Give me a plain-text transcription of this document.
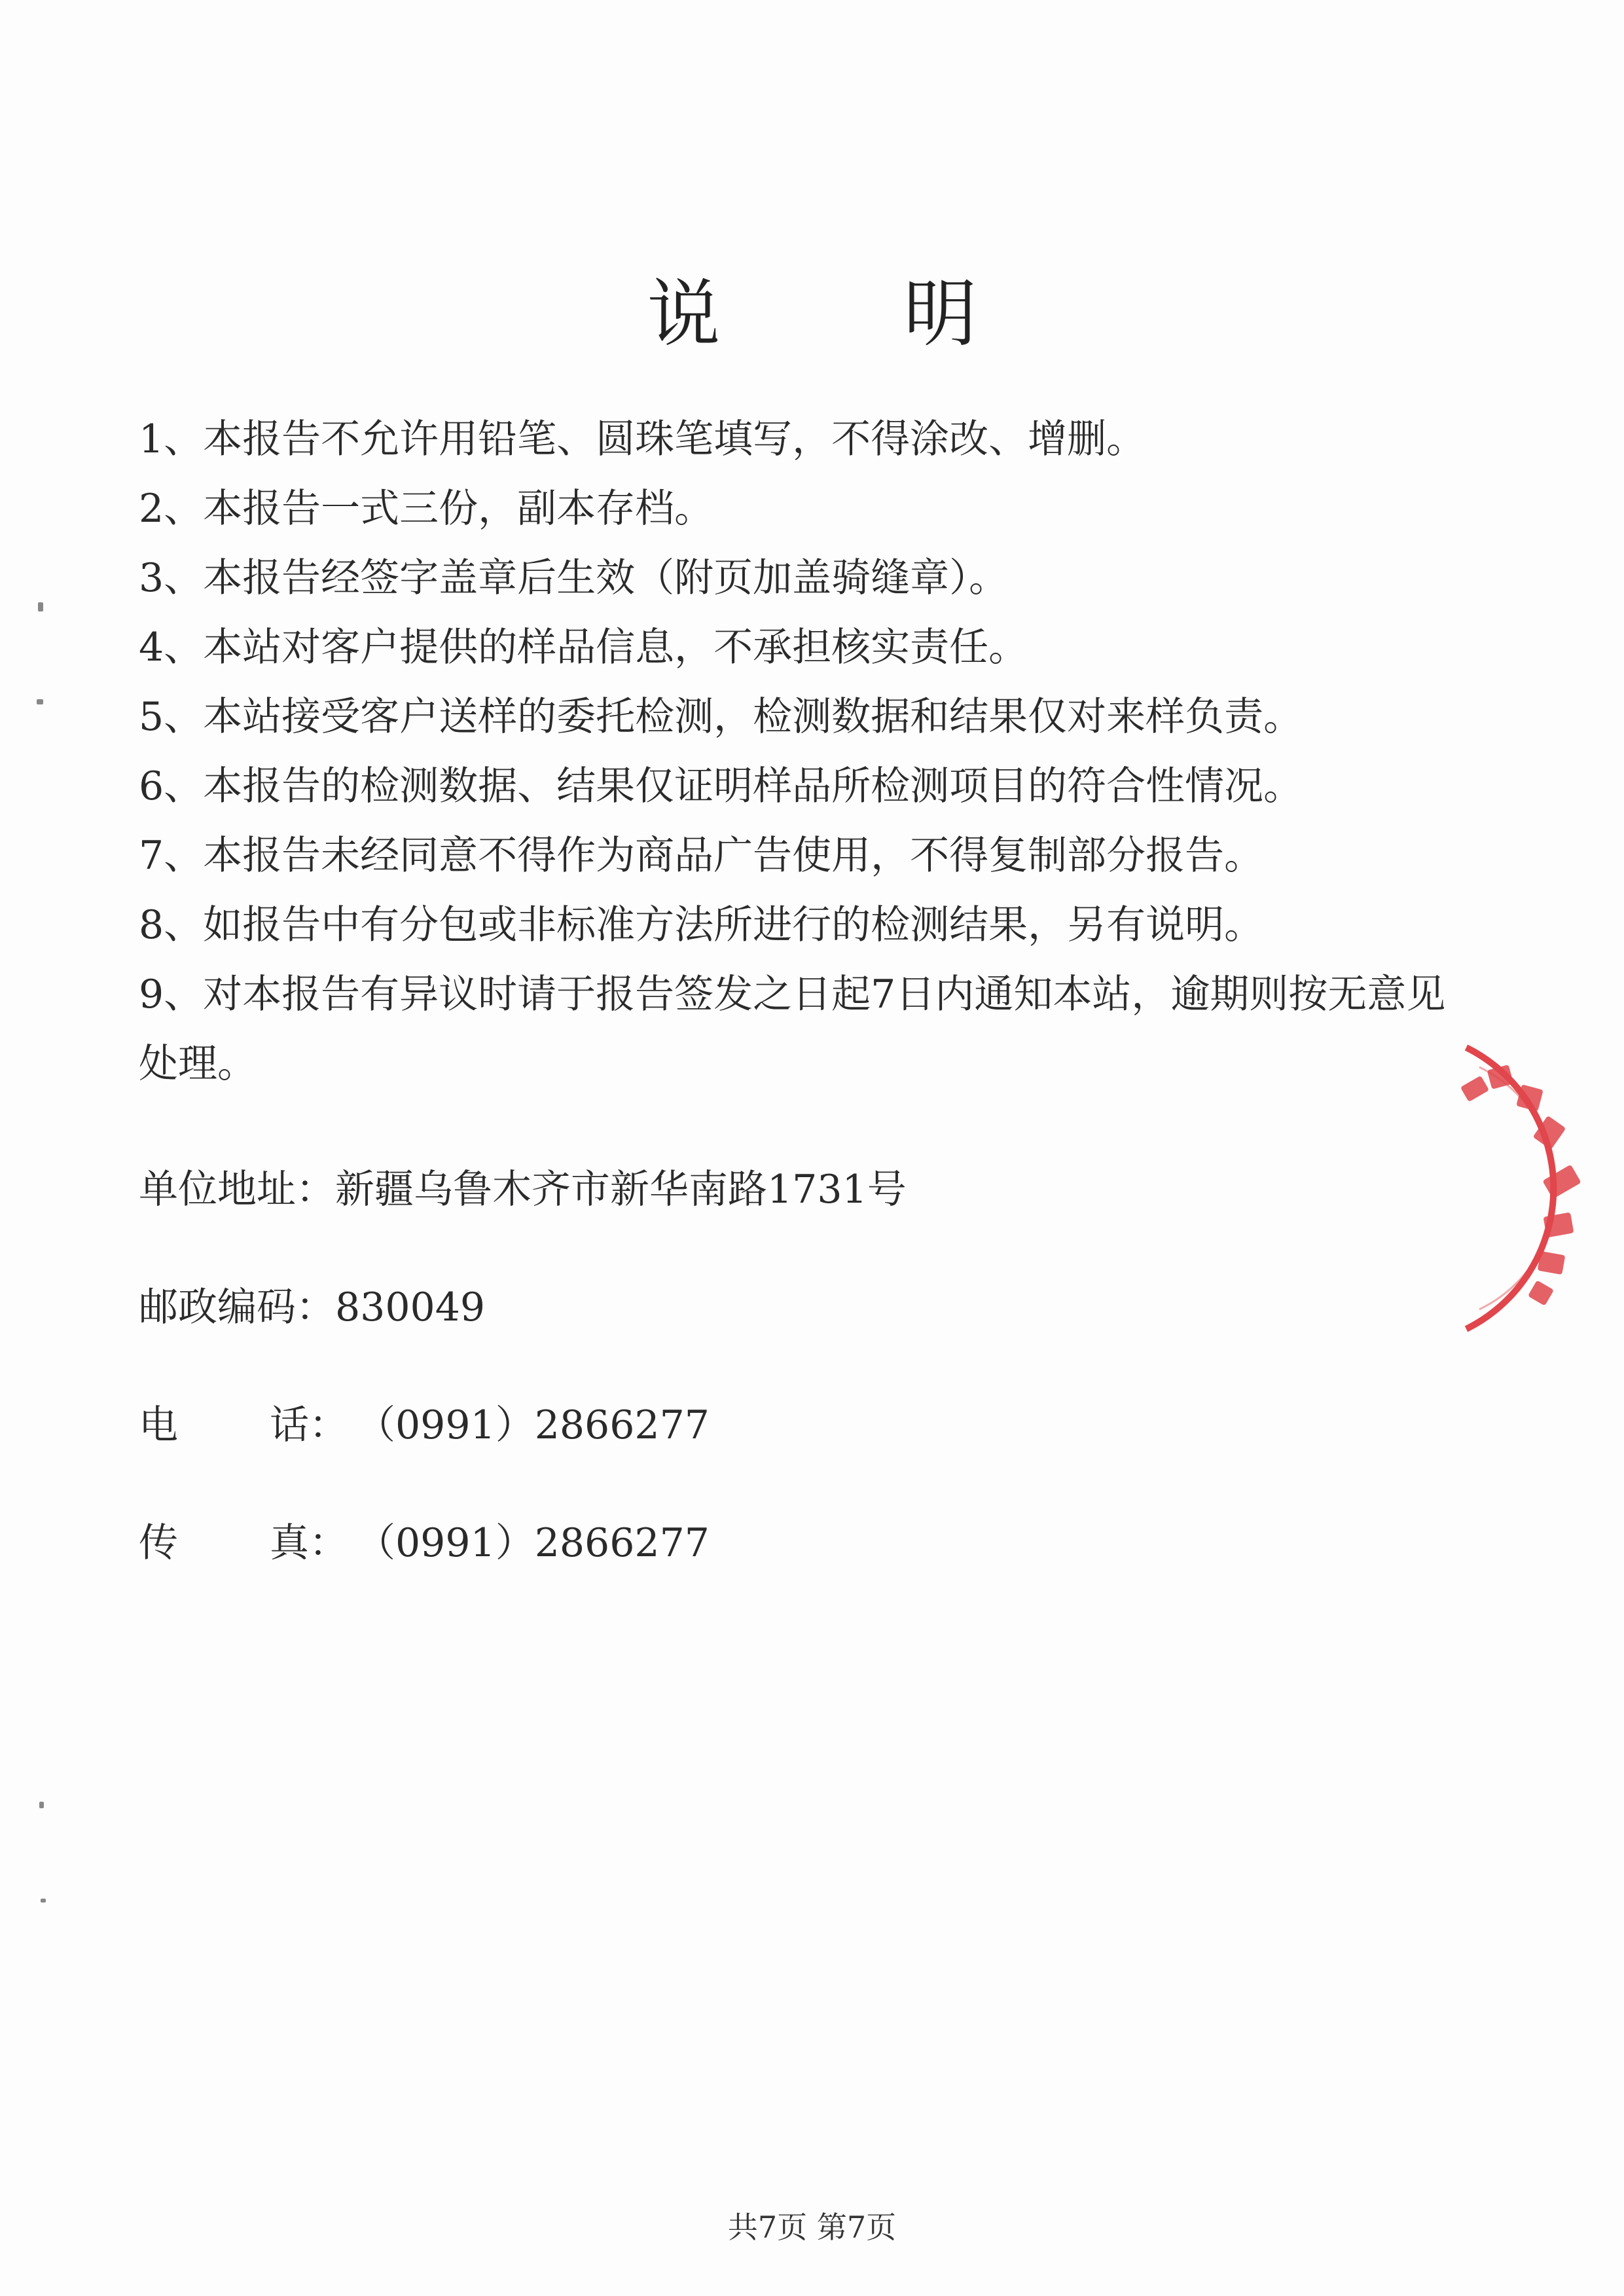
说	明
1、本报告不允许用铅笔、圆珠笔填写，不得涂改、增删。
2、本报告一式三份，副本存档。
3、本报告经签字盖章后生效（附页加盖骑缝章）。
4、本站对客户提供的样品信息，不承担核实责任。
5、本站接受客户送样的委托检测，检测数据和结果仅对来样负责。
6、本报告的检测数据、结果仅证明样品所检测项目的符合性情况。
7、本报告未经同意不得作为商品广告使用，不得复制部分报告。
8、如报告中有分包或非标准方法所进行的检测结果，另有说明。
9、对本报告有异议时请于报告签发之日起7日内通知本站，逾期则按无意见处理。
单位地址：新疆乌鲁木齐市新华南路1731号
邮政编码：830049
电 话： （0991）2866277
传 真： （0991）2866277
共7页 第7页
